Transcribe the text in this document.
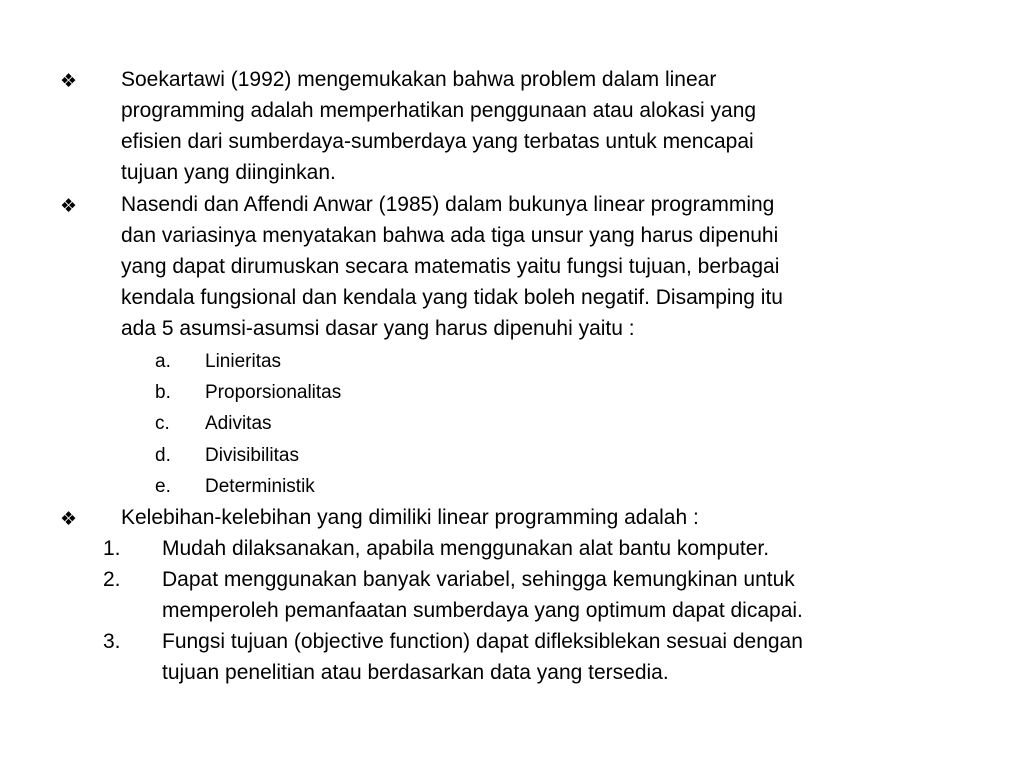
❖ Soekartawi (1992) mengemukakan bahwa problem dalam linear
programming adalah memperhatikan penggunaan atau alokasi yang
efisien dari sumberdaya-sumberdaya yang terbatas untuk mencapai
tujuan yang diinginkan.
❖ Nasendi dan Affendi Anwar (1985) dalam bukunya linear programming
dan variasinya menyatakan bahwa ada tiga unsur yang harus dipenuhi
yang dapat dirumuskan secara matematis yaitu fungsi tujuan, berbagai
kendala fungsional dan kendala yang tidak boleh negatif. Disamping itu
ada 5 asumsi-asumsi dasar yang harus dipenuhi yaitu :
a. Linieritas
b. Proporsionalitas
c. Adivitas
d. Divisibilitas
e. Deterministik
❖ Kelebihan-kelebihan yang dimiliki linear programming adalah :
1. Mudah dilaksanakan, apabila menggunakan alat bantu komputer.
2. Dapat menggunakan banyak variabel, sehingga kemungkinan untuk
memperoleh pemanfaatan sumberdaya yang optimum dapat dicapai.
3. Fungsi tujuan (objective function) dapat difleksiblekan sesuai dengan
tujuan penelitian atau berdasarkan data yang tersedia.
